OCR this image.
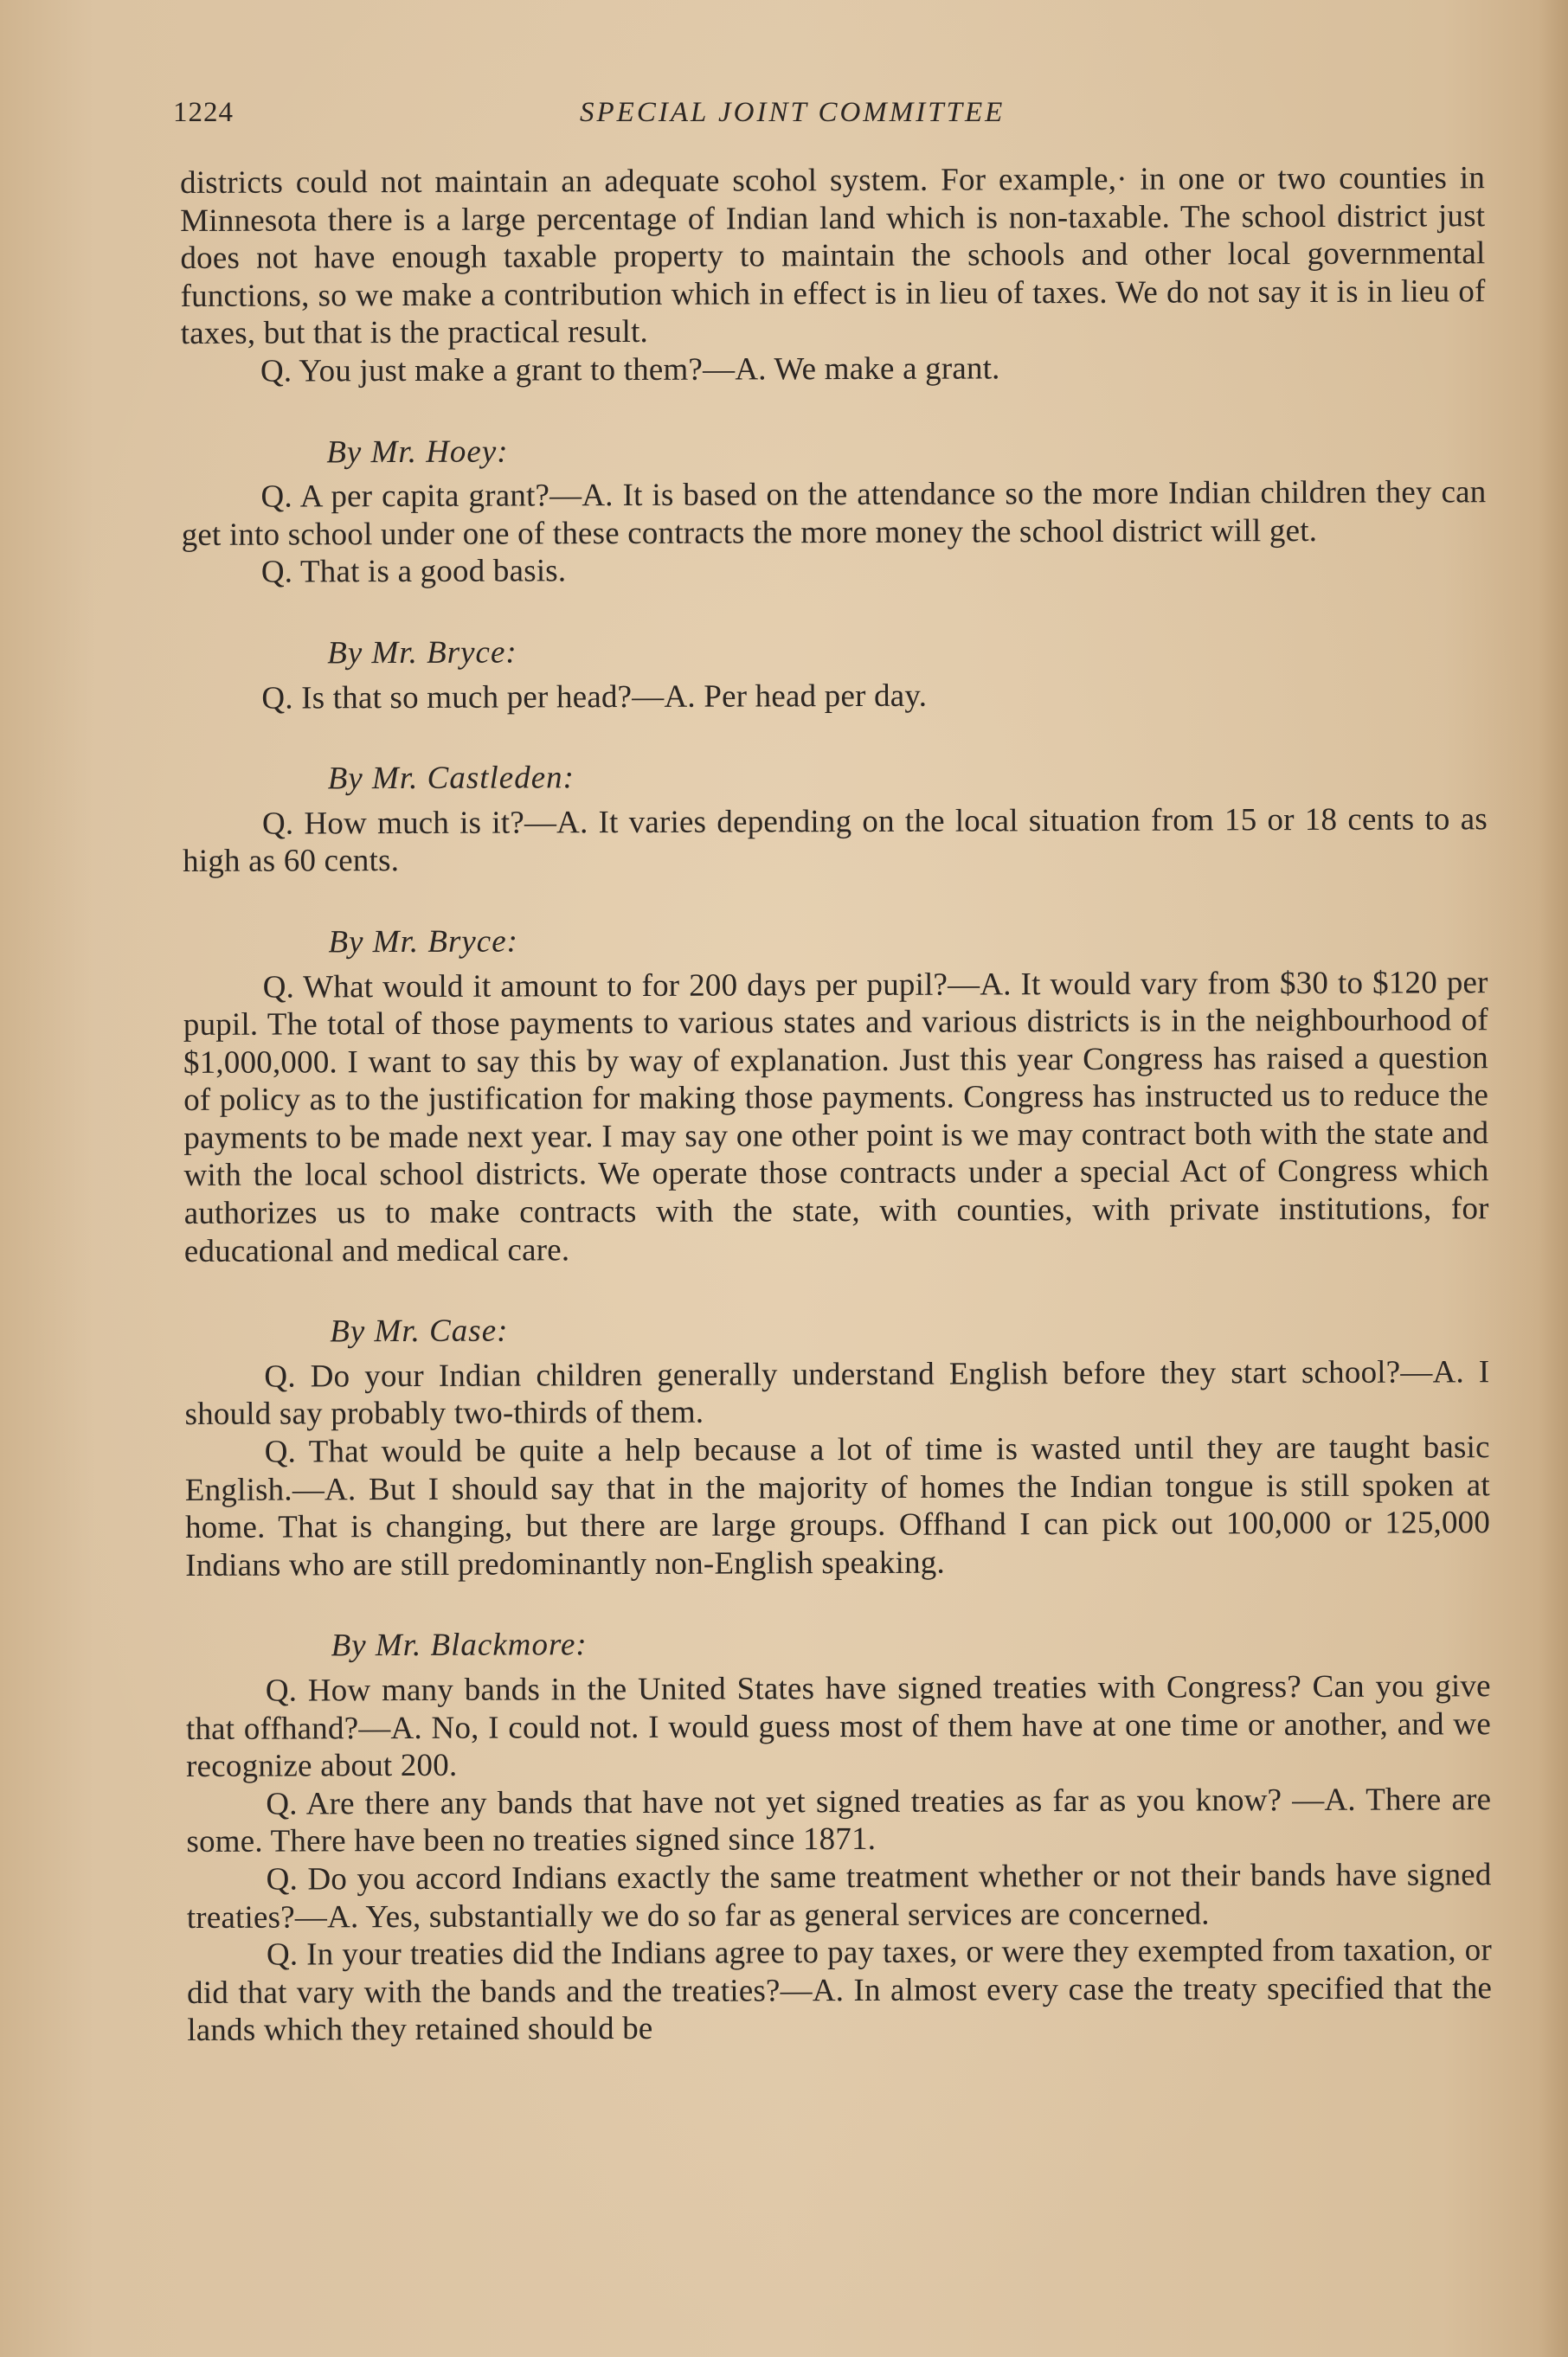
1224	SPECIAL JOINT COMMITTEE

districts could not maintain an adequate scohol system. For example,· in one or two counties in Minnesota there is a large percentage of Indian land which is non-taxable. The school district just does not have enough taxable property to maintain the schools and other local governmental functions, so we make a contribution which in effect is in lieu of taxes. We do not say it is in lieu of taxes, but that is the practical result.

Q. You just make a grant to them?—A. We make a grant.

By Mr. Hoey:

Q. A per capita grant?—A. It is based on the attendance so the more Indian children they can get into school under one of these contracts the more money the school district will get.

Q. That is a good basis.

By Mr. Bryce:

Q. Is that so much per head?—A. Per head per day.

By Mr. Castleden:

Q. How much is it?—A. It varies depending on the local situation from 15 or 18 cents to as high as 60 cents.

By Mr. Bryce:

Q. What would it amount to for 200 days per pupil?—A. It would vary from $30 to $120 per pupil. The total of those payments to various states and various districts is in the neighbourhood of $1,000,000. I want to say this by way of explanation. Just this year Congress has raised a question of policy as to the justification for making those payments. Congress has instructed us to reduce the payments to be made next year. I may say one other point is we may contract both with the state and with the local school districts. We operate those contracts under a special Act of Congress which authorizes us to make contracts with the state, with counties, with private institutions, for educational and medical care.

By Mr. Case:

Q. Do your Indian children generally understand English before they start school?—A. I should say probably two-thirds of them.

Q. That would be quite a help because a lot of time is wasted until they are taught basic English.—A. But I should say that in the majority of homes the Indian tongue is still spoken at home. That is changing, but there are large groups. Offhand I can pick out 100,000 or 125,000 Indians who are still predominantly non-English speaking.

By Mr. Blackmore:

Q. How many bands in the United States have signed treaties with Congress? Can you give that offhand?—A. No, I could not. I would guess most of them have at one time or another, and we recognize about 200.

Q. Are there any bands that have not yet signed treaties as far as you know? —A. There are some. There have been no treaties signed since 1871.

Q. Do you accord Indians exactly the same treatment whether or not their bands have signed treaties?—A. Yes, substantially we do so far as general services are concerned.

Q. In your treaties did the Indians agree to pay taxes, or were they exempted from taxation, or did that vary with the bands and the treaties?—A. In almost every case the treaty specified that the lands which they retained should be
